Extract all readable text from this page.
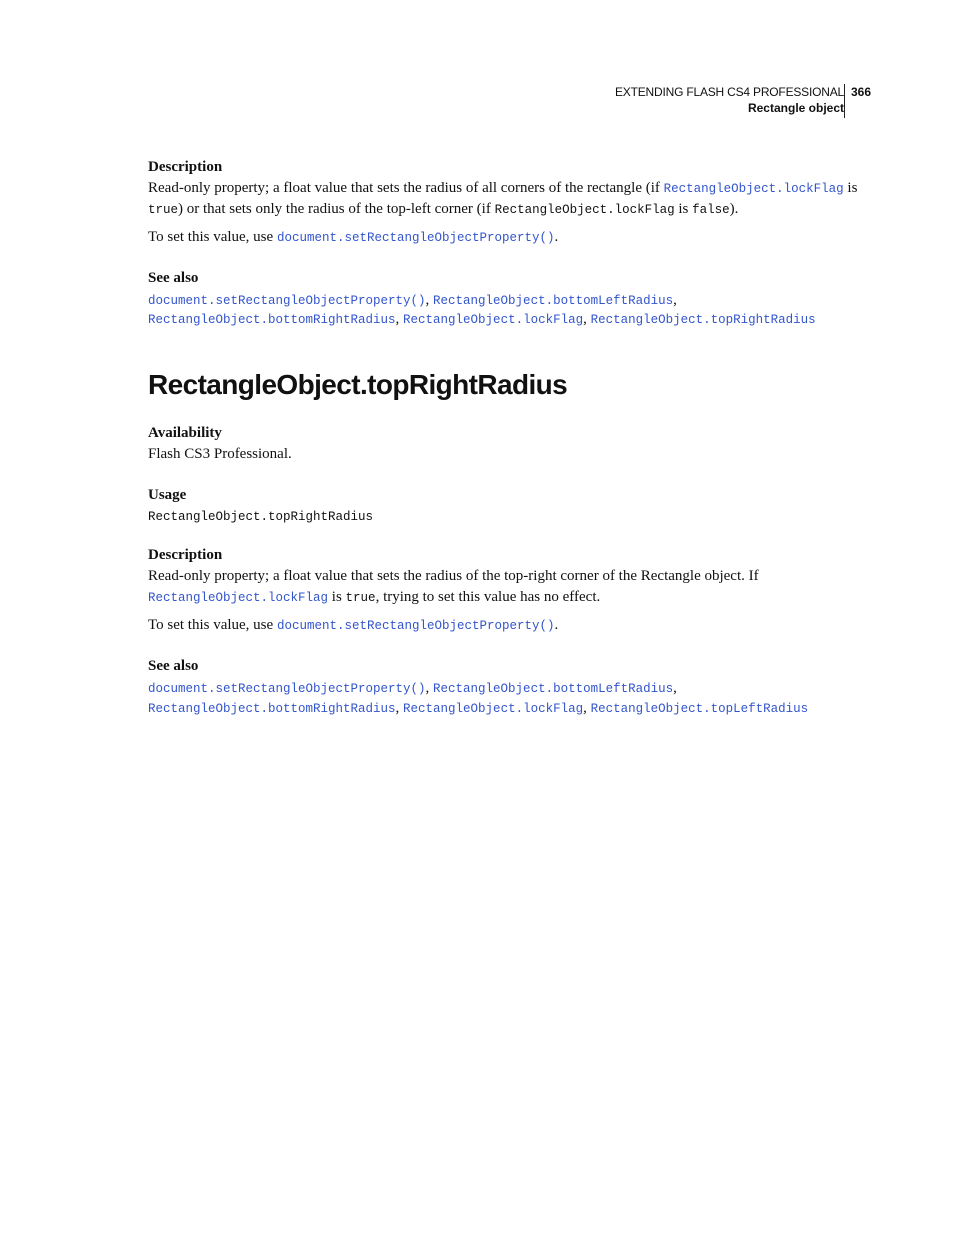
EXTENDING FLASH CS4 PROFESSIONAL
Rectangle object
366
Description
Read-only property; a float value that sets the radius of all corners of the rectangle (if RectangleObject.lockFlag is
true) or that sets only the radius of the top-left corner (if RectangleObject.lockFlag is false).
To set this value, use document.setRectangleObjectProperty().
See also
document.setRectangleObjectProperty(), RectangleObject.bottomLeftRadius,
RectangleObject.bottomRightRadius, RectangleObject.lockFlag, RectangleObject.topRightRadius
RectangleObject.topRightRadius
Availability
Flash CS3 Professional.
Usage
RectangleObject.topRightRadius
Description
Read-only property; a float value that sets the radius of the top-right corner of the Rectangle object. If
RectangleObject.lockFlag is true, trying to set this value has no effect.
To set this value, use document.setRectangleObjectProperty().
See also
document.setRectangleObjectProperty(), RectangleObject.bottomLeftRadius,
RectangleObject.bottomRightRadius, RectangleObject.lockFlag, RectangleObject.topLeftRadius
